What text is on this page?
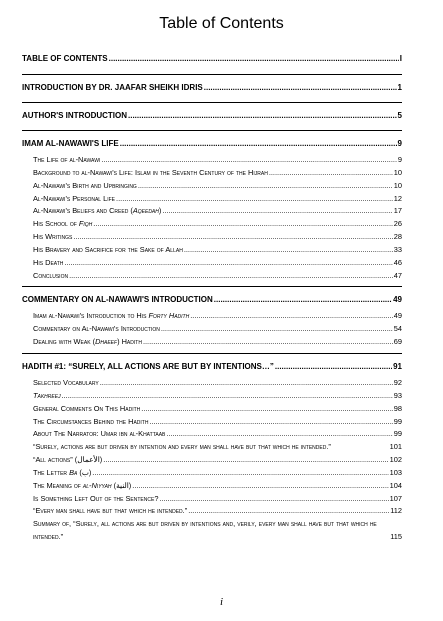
Table of Contents
TABLE OF CONTENTS .....	I
INTRODUCTION BY DR. JAAFAR SHEIKH IDRIS .....	1
AUTHOR'S INTRODUCTION .....	5
IMAM AL-NAWAWI'S LIFE .....	9
The Life of al-Nawawi .....	9
Background to al-Nawawi's Life: Islam in the Seventh Century of the Hijrah .....	10
Al-Nawawi's Birth and Upbringing .....	10
Al-Nawawi's Personal Life .....	12
Al-Nawawi's Beliefs and Creed (Aqeedah) .....	17
His School of Fiqh .....	26
His Writings .....	28
His Bravery and Sacrifice for the Sake of Allah .....	33
His Death .....	46
Conclusion .....	47
COMMENTARY ON AL-NAWAWI'S INTRODUCTION .....	49
Imam al-Nawawi's Introduction to His Forty Hadith .....	49
Commentary on Al-Nawawi's Introduction .....	54
Dealing with Weak (Dhaeef) Hadith .....	69
HADITH #1: “SURELY, ALL ACTIONS ARE BUT BY INTENTIONS…” .....	91
Selected Vocabulary .....	92
Takhreej .....	93
General Comments On This Hadith .....	98
The Circumstances Behind the Hadith .....	99
About The Narrator: Umar ibn al-Khattaab .....	99
“Surely, actions are but driven by intention and every man shall have but that which he intended.”	101
“All actions” (الأعمال) .....	102
The Letter Ba (ب) .....	103
The Meaning of al-Niyyah (النية) .....	104
Is Something Left Out of the Sentence? .....	107
“Every man shall have but that which he intended.” .....	112
Summary of, “Surely, all actions are but driven by intentions and, verily, every man shall have but that which he intended.”	115
i
